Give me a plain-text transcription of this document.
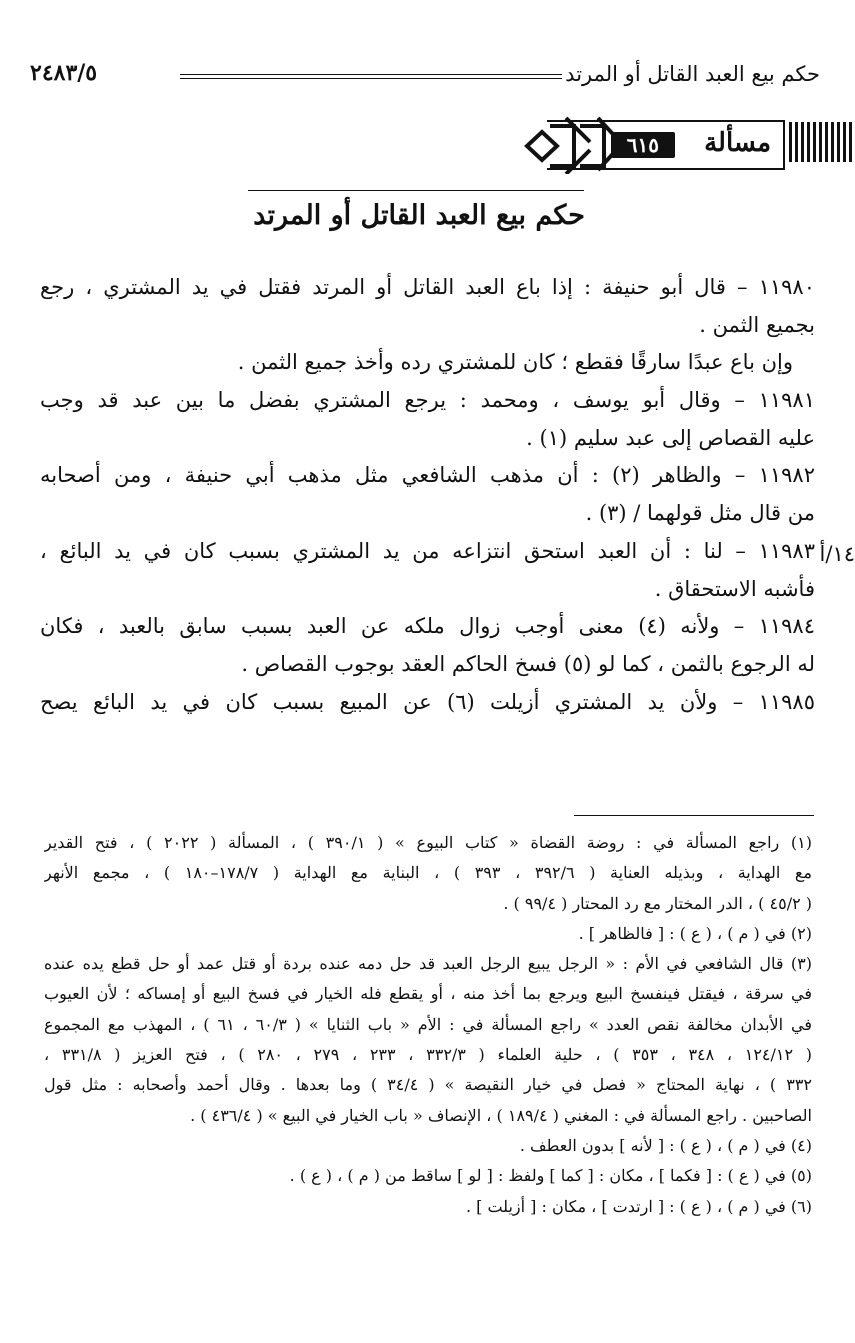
حكم بيع العبد القاتل أو المرتد
٢٤٨٣/٥
مسألة
٦١٥
حكم بيع العبد القاتل أو المرتد
١٤/أ
١١٩٨٠ – قال أبو حنيفة : إذا باع العبد القاتل أو المرتد فقتل في يد المشتري ، رجع
بجميع الثمن .
وإن باع عبدًا سارقًا فقطع ؛ كان للمشتري رده وأخذ جميع الثمن .
١١٩٨١ – وقال أبو يوسف ، ومحمد : يرجع المشتري بفضل ما بين عبد قد وجب
عليه القصاص إلى عبد سليم (١) .
١١٩٨٢ – والظاهر (٢) : أن مذهب الشافعي مثل مذهب أبي حنيفة ، ومن أصحابه
من قال مثل قولهما / (٣) .
١١٩٨٣ – لنا : أن العبد استحق انتزاعه من يد المشتري بسبب كان في يد البائع ،
فأشبه الاستحقاق .
١١٩٨٤ – ولأنه (٤) معنى أوجب زوال ملكه عن العبد بسبب سابق بالعبد ، فكان
له الرجوع بالثمن ، كما لو (٥) فسخ الحاكم العقد بوجوب القصاص .
١١٩٨٥ – ولأن يد المشتري أزيلت (٦) عن المبيع بسبب كان في يد البائع يصح
(١) راجع المسألة في : روضة القضاة « كتاب البيوع » ( ٣٩٠/١ ) ، المسألة ( ٢٠٢٢ ) ، فتح القدير
مع الهداية ، وبذيله العناية ( ٣٩٢/٦ ، ٣٩٣ ) ، البناية مع الهداية ( ١٧٨/٧–١٨٠ ) ، مجمع الأنهر
( ٤٥/٢ ) ، الدر المختار مع رد المحتار ( ٩٩/٤ ) .
(٢) في ( م ) ، ( ع ) : [ فالظاهر ] .
(٣) قال الشافعي في الأم : « الرجل يبيع الرجل العبد قد حل دمه عنده بردة أو قتل عمد أو حل قطع يده عنده
في سرقة ، فيقتل فينفسخ البيع ويرجع بما أخذ منه ، أو يقطع فله الخيار في فسخ البيع أو إمساكه ؛ لأن العيوب
في الأبدان مخالفة نقص العدد » راجع المسألة في : الأم « باب الثنايا » ( ٦٠/٣ ، ٦١ ) ، المهذب مع المجموع
( ١٢٤/١٢ ، ٣٤٨ ، ٣٥٣ ) ، حلية العلماء ( ٣٣٢/٣ ، ٢٣٣ ، ٢٧٩ ، ٢٨٠ ) ، فتح العزيز ( ٣٣١/٨ ،
٣٣٢ ) ، نهاية المحتاج « فصل في خيار النقيصة » ( ٣٤/٤ ) وما بعدها . وقال أحمد وأصحابه : مثل قول
الصاحبين . راجع المسألة في : المغني ( ١٨٩/٤ ) ، الإنصاف « باب الخيار في البيع » ( ٤٣٦/٤ ) .
(٤) في ( م ) ، ( ع ) : [ لأنه ] بدون العطف .
(٥) في ( ع ) : [ فكما ] ، مكان : [ كما ] ولفظ : [ لو ] ساقط من ( م ) ، ( ع ) .
(٦) في ( م ) ، ( ع ) : [ ارتدت ] ، مكان : [ أزيلت ] .
